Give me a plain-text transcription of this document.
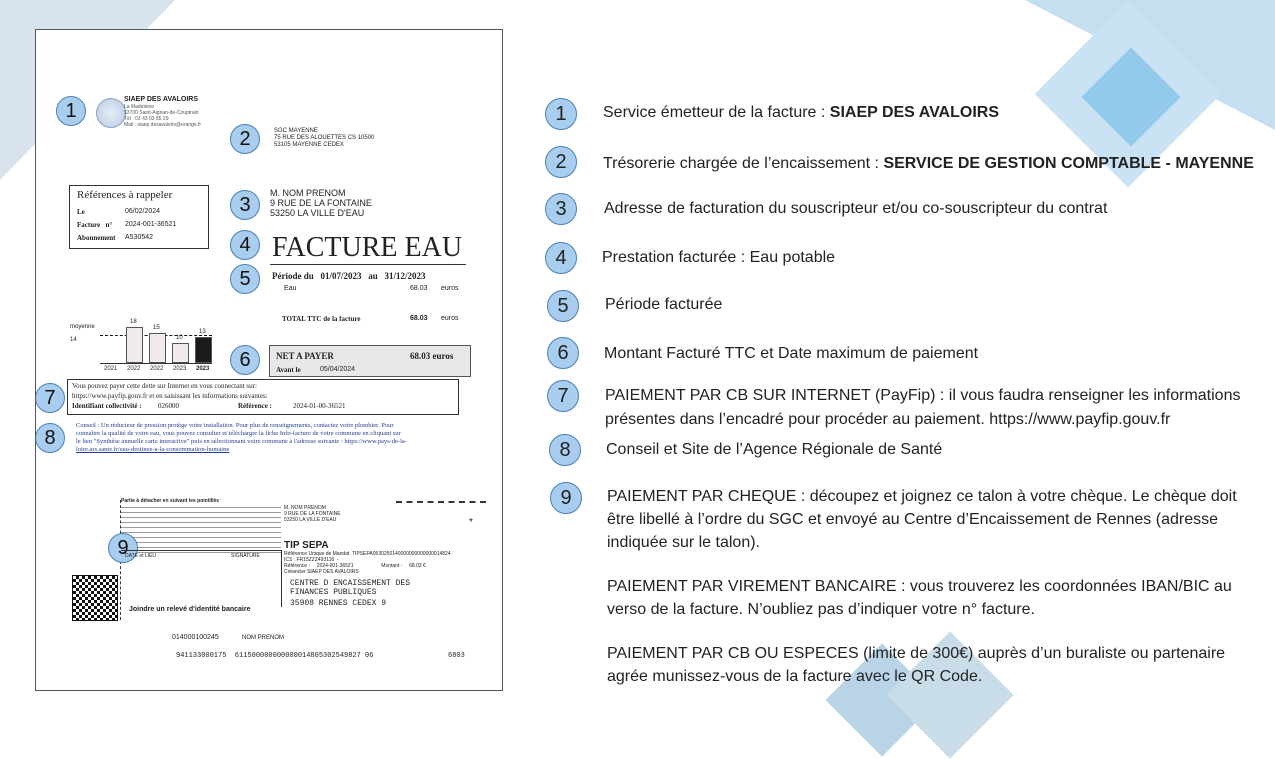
1	SIAEP DES AVALOIRS
La Madeleine
53700 Saint-Aignan-de-Couptrain
Tél : 02 43 03 85 29
Mail : siaep.desavaloirs@orange.fr
2	SGC MAYENNE
75 RUE DES ALOUETTES CS 10500
53105 MAYENNE CEDEX
Références à rappeler
Le	06/02/2024
Facture   n° 2024-001-36521
Abonnement A530542
3
M. NOM PRENOM
9 RUE DE LA FONTAINE
53250 LA VILLE D'EAU
4 FACTURE EAU
5	Période du   01/07/2023   au   31/12/2023
Eau	68.03 euros
TOTAL TTC de la facture	68.03 euros
moyenne
14
2021
18
2022
15
2022
10
2023
13
2023	6	NET A PAYER	68.03 euros
Avant le	05/04/2024
7
Vous pouvez payer cette dette sur Internet en vous connectant sur:
https://www.payfip.gouv.fr et en saisissant les informations suivantes:
Identifiant collectivité : 026000	Référence :	2024-01-00-36521
8
Conseil : Un réducteur de pression protège votre installation. Pour plus de renseignements, contactez votre plombier. Pour
connaître la qualité de votre eau, vous pouvez consulter et télécharger la fiche Info-facture de votre commune en cliquant sur
le lien "Synthèse annuelle carte interactive" puis en sélectionnant votre commune à l'adresse suivante : https://www.pays-de-la-
loire.ars.sante.fr/eau-destinee-a-la-consommation-humaine
Partie à détacher en suivant les pointillés
9
M. NOM PRENOM
9 RUE DE LA FONTAINE
53250 LA VILLE D'EAU	*
DATE et LIEU	SIGNATURE
TIP SEPA
Référence Unique de Mandat  TIPSEPA0530250140000000000000014824
ICS : FR15ZZZ493116  -
Référence :     2024-001-36521                    Montant :     68.03 €
Créancier SIAEP DES AVALOIRS
CENTRE D ENCAISSEMENT DES
FINANCES PUBLIQUES
35908 RENNES CEDEX 9
Joindre un relevé d'identité bancaire
014000100245	NOM PRENOM
941133000175  611500000000000014805302549827 06	6803
1	Service émetteur de la facture : SIAEP DES AVALOIRS
2	Trésorerie chargée de l’encaissement : SERVICE DE GESTION COMPTABLE - MAYENNE
3	Adresse de facturation du souscripteur et/ou co-souscripteur du contrat
4	Prestation facturée : Eau potable
5	Période facturée
6	Montant Facturé TTC et Date maximum de paiement
7	PAIEMENT PAR CB SUR INTERNET (PayFip) : il vous faudra renseigner les informations
présentes dans l’encadré pour procéder au paiement. https://www.payfip.gouv.fr
8	Conseil et Site de l’Agence Régionale de Santé
9	PAIEMENT PAR CHEQUE : découpez et joignez ce talon à votre chèque. Le chèque doit
être libellé à l’ordre du SGC et envoyé au Centre d’Encaissement de Rennes (adresse
indiquée sur le talon).
PAIEMENT PAR VIREMENT BANCAIRE : vous trouverez les coordonnées IBAN/BIC au
verso de la facture. N’oubliez pas d’indiquer votre n° facture.
PAIEMENT PAR CB OU ESPECES (limite de 300€) auprès d’un buraliste ou partenaire
agrée munissez-vous de la facture avec le QR Code.
